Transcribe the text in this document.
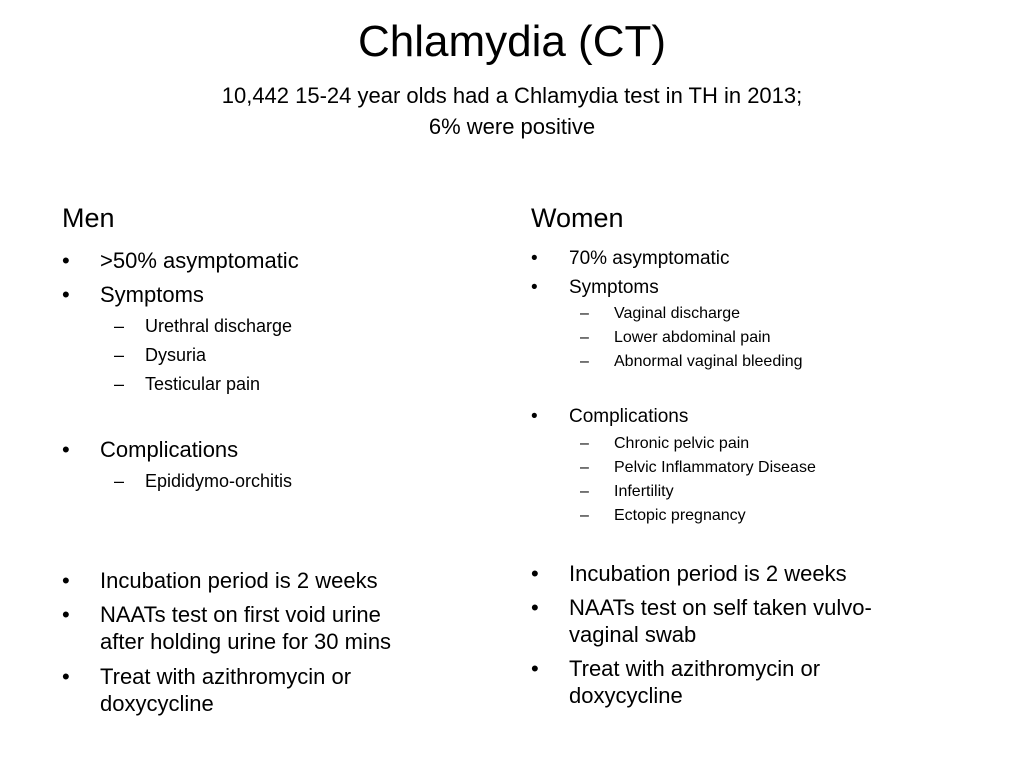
Chlamydia (CT)
10,442 15-24 year olds had a Chlamydia test in TH in 2013;
6% were positive
Men
• >50% asymptomatic
• Symptoms
– Urethral discharge
– Dysuria
– Testicular pain
• Complications
– Epididymo-orchitis
• Incubation period is 2 weeks
• NAATs test on first void urine
after holding urine for 30 mins
• Treat with azithromycin or
doxycycline
Women
• 70% asymptomatic
• Symptoms
– Vaginal discharge
– Lower abdominal pain
– Abnormal vaginal bleeding
• Complications
– Chronic pelvic pain
– Pelvic Inflammatory Disease
– Infertility
– Ectopic pregnancy
• Incubation period is 2 weeks
• NAATs test on self taken vulvo-
vaginal swab
• Treat with azithromycin or
doxycycline
